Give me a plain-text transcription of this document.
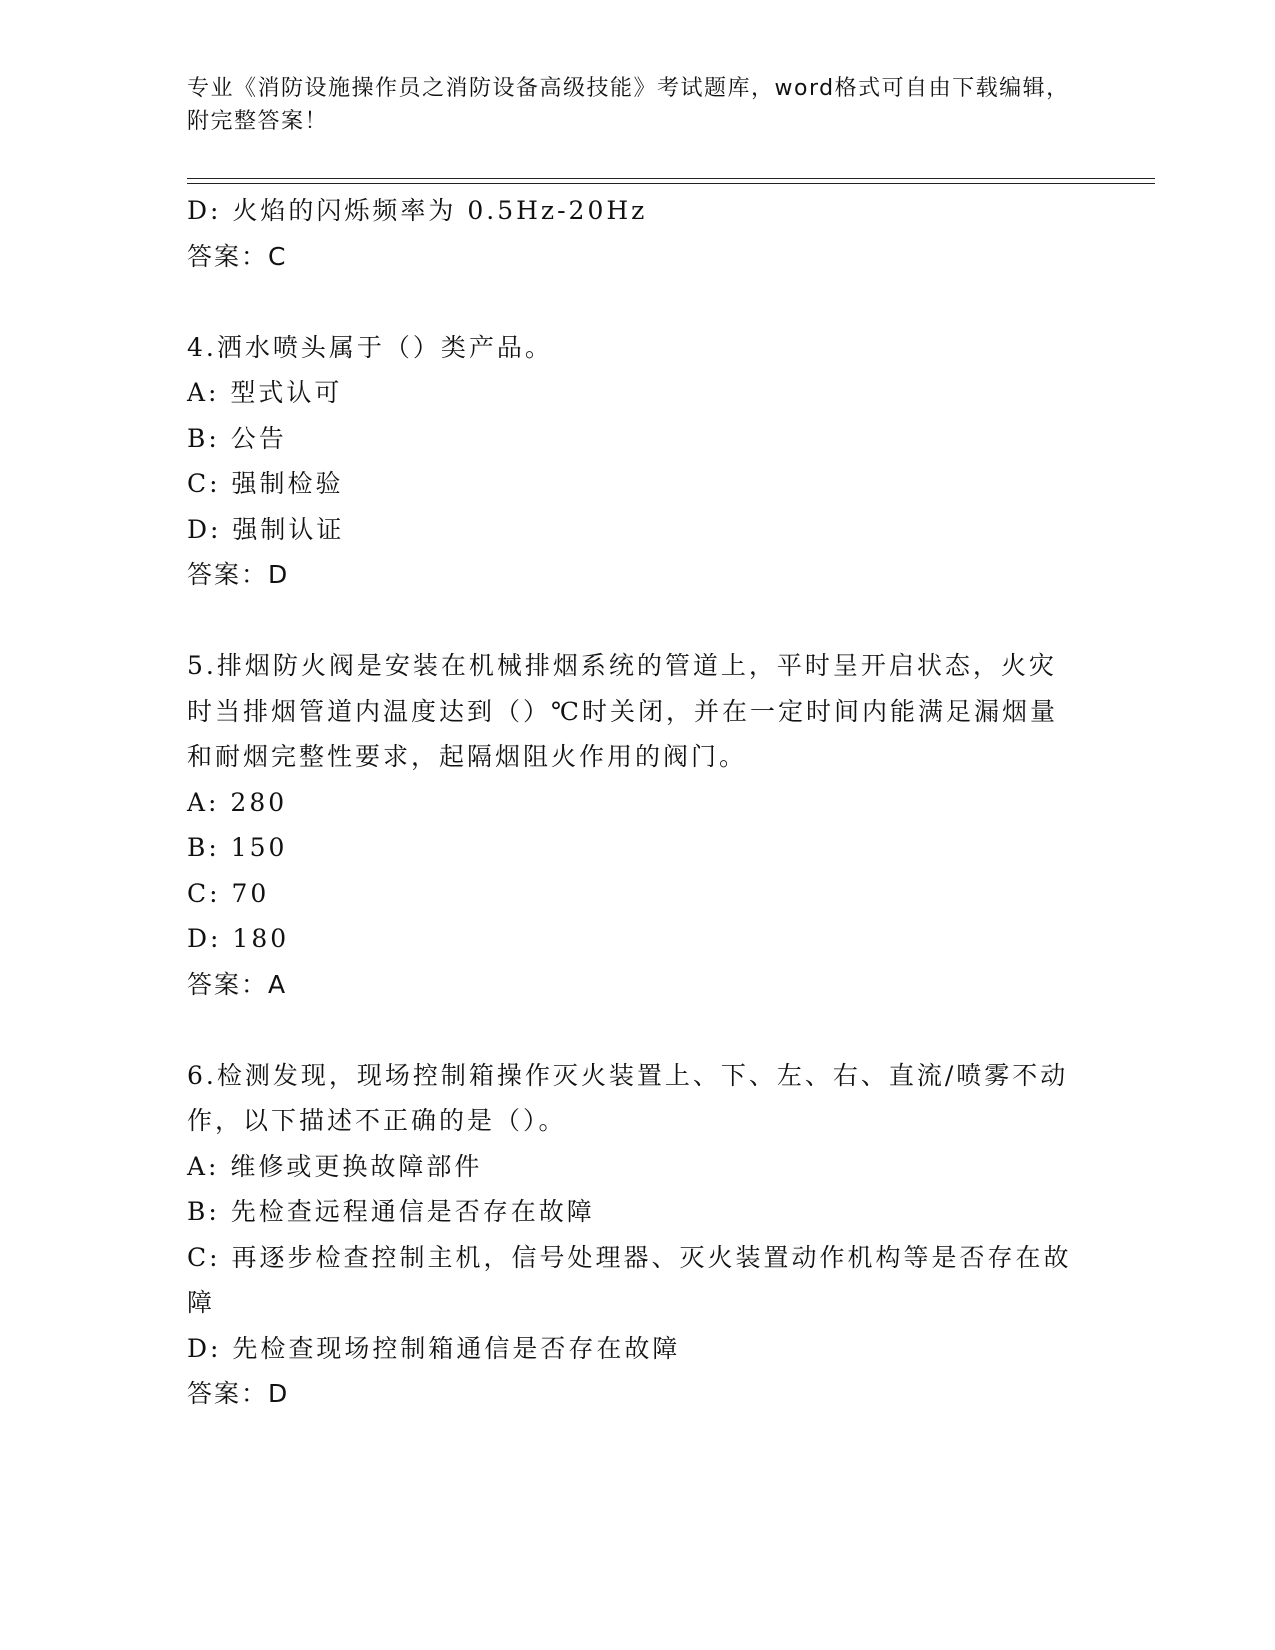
专业《消防设施操作员之消防设备高级技能》考试题库，word格式可自由下载编辑，附完整答案！
D: 火焰的闪烁频率为 0.5Hz-20Hz
答案：C
4.洒水喷头属于（）类产品。
A: 型式认可
B: 公告
C: 强制检验
D: 强制认证
答案：D
5.排烟防火阀是安装在机械排烟系统的管道上，平时呈开启状态，火灾时当排烟管道内温度达到（）℃时关闭，并在一定时间内能满足漏烟量和耐烟完整性要求，起隔烟阻火作用的阀门。
A: 280
B: 150
C: 70
D: 180
答案：A
6.检测发现，现场控制箱操作灭火装置上、下、左、右、直流/喷雾不动作，以下描述不正确的是（）。
A: 维修或更换故障部件
B: 先检查远程通信是否存在故障
C: 再逐步检查控制主机，信号处理器、灭火装置动作机构等是否存在故障
D: 先检查现场控制箱通信是否存在故障
答案：D
